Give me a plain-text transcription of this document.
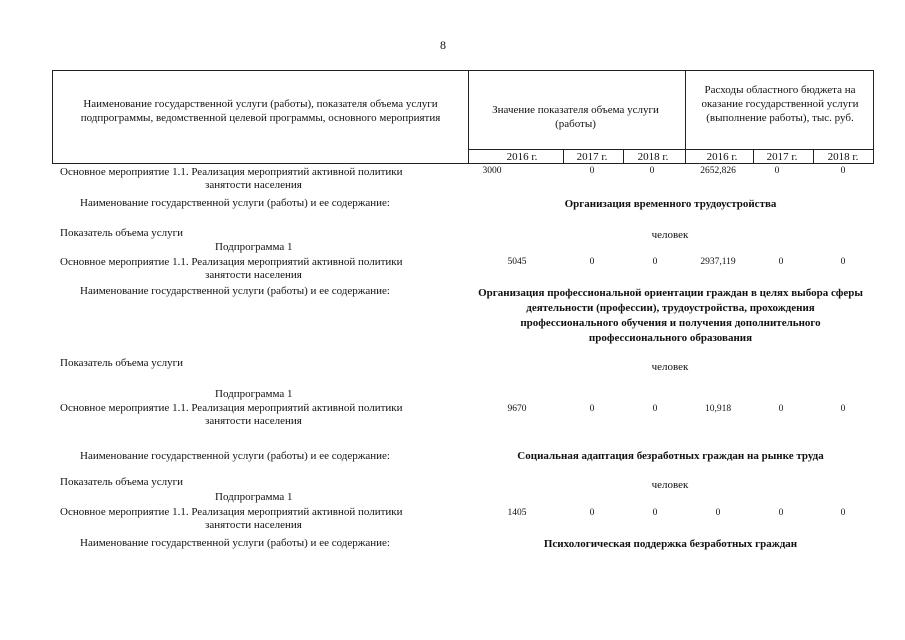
8
Наименование государственной услуги (работы), показателя объема услуги подпрограммы, ведомственной целевой программы, основного мероприятия
Значение показателя объема услуги (работы)
Расходы областного бюджета на оказание государственной услуги (выполнение работы), тыс. руб.
2016 г.	2017 г.	2018 г.	2016 г.	2017 г.	2018 г.
Основное мероприятие 1.1. Реализация мероприятий активной политики
занятости населения
3000	0	0	2652,826	0	0
Наименование государственной услуги (работы) и ее содержание:	Организация временного трудоустройства
Показатель объема услуги	человек
Подпрограмма 1
Основное мероприятие 1.1. Реализация мероприятий активной политики
занятости населения
5045	0	0	2937,119	0	0
Наименование государственной услуги (работы) и ее содержание:	Организация профессиональной ориентации граждан в целях выбора сферы деятельности (профессии), трудоустройства, прохождения профессионального обучения и получения дополнительного профессионального образования
Показатель объема услуги	человек
Подпрограмма 1
Основное мероприятие 1.1. Реализация мероприятий активной политики
занятости населения
9670	0	0	10,918	0	0
Наименование государственной услуги (работы) и ее содержание:	Социальная адаптация безработных граждан на рынке труда
Показатель объема услуги	человек
Подпрограмма 1
Основное мероприятие 1.1. Реализация мероприятий активной политики
занятости населения
1405	0	0	0	0	0
Наименование государственной услуги (работы) и ее содержание:	Психологическая поддержка безработных граждан
